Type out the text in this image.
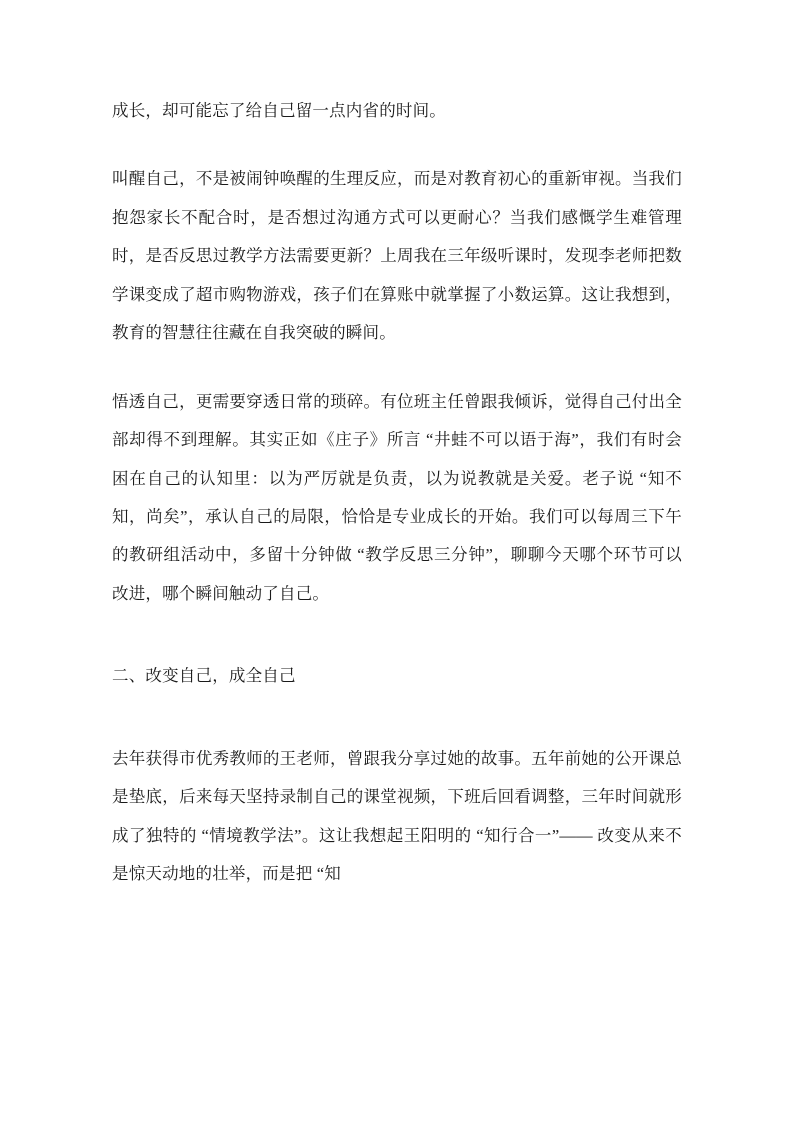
成长，却可能忘了给自己留一点内省的时间。

叫醒自己，不是被闹钟唤醒的生理反应，而是对教育初心的重新审视。当我们抱怨家长不配合时，是否想过沟通方式可以更耐心？当我们感慨学生难管理时，是否反思过教学方法需要更新？上周我在三年级听课时，发现李老师把数学课变成了超市购物游戏，孩子们在算账中就掌握了小数运算。这让我想到，教育的智慧往往藏在自我突破的瞬间。

悟透自己，更需要穿透日常的琐碎。有位班主任曾跟我倾诉，觉得自己付出全部却得不到理解。其实正如《庄子》所言 “井蛙不可以语于海”，我们有时会困在自己的认知里：以为严厉就是负责，以为说教就是关爱。老子说 “知不知，尚矣”，承认自己的局限，恰恰是专业成长的开始。我们可以每周三下午的教研组活动中，多留十分钟做 “教学反思三分钟”，聊聊今天哪个环节可以改进，哪个瞬间触动了自己。

二、改变自己，成全自己

去年获得市优秀教师的王老师，曾跟我分享过她的故事。五年前她的公开课总是垫底，后来每天坚持录制自己的课堂视频，下班后回看调整，三年时间就形成了独特的 “情境教学法”。这让我想起王阳明的 “知行合一”—— 改变从来不是惊天动地的壮举，而是把 “知
